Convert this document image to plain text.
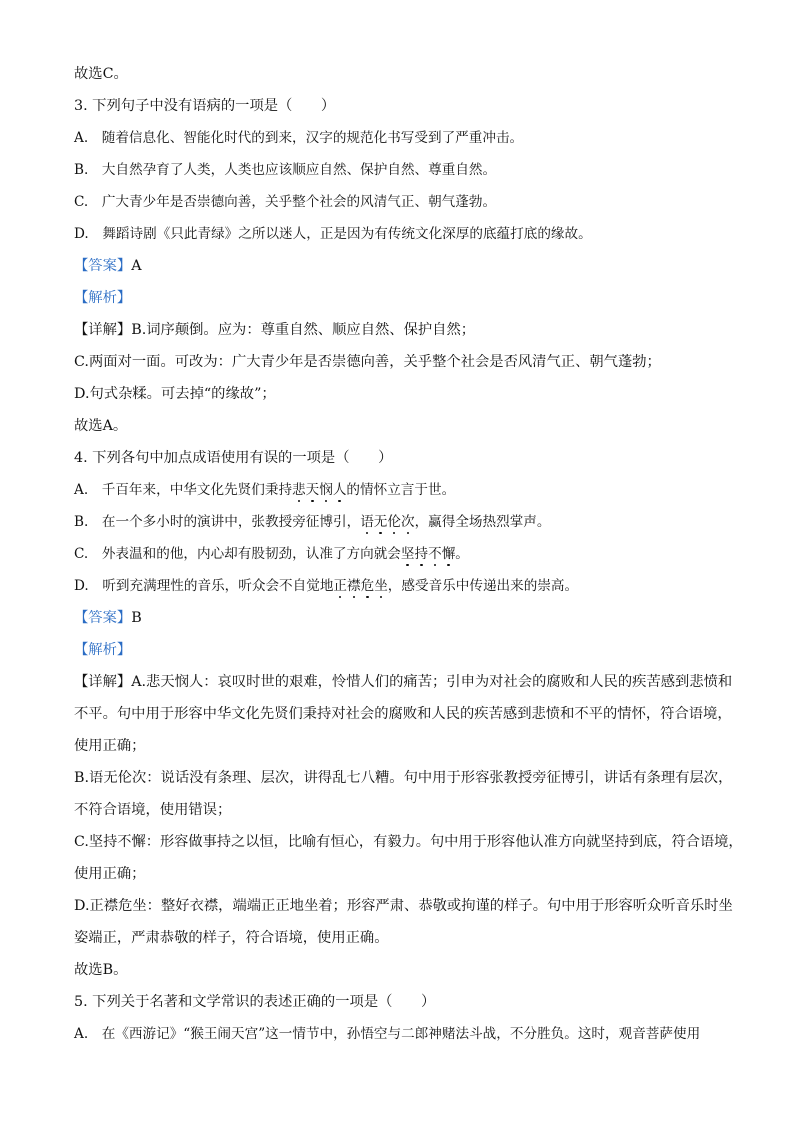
故选C。
3. 下列句子中没有语病的一项是（　　）
A.　随着信息化、智能化时代的到来，汉字的规范化书写受到了严重冲击。
B.　大自然孕育了人类，人类也应该顺应自然、保护自然、尊重自然。
C.　广大青少年是否崇德向善，关乎整个社会的风清气正、朝气蓬勃。
D.　舞蹈诗剧《只此青绿》之所以迷人，正是因为有传统文化深厚的底蕴打底的缘故。
【答案】A
【解析】
【详解】B.词序颠倒。应为：尊重自然、顺应自然、保护自然；
C.两面对一面。可改为：广大青少年是否崇德向善，关乎整个社会是否风清气正、朝气蓬勃；
D.句式杂糅。可去掉“的缘故”；
故选A。
4. 下列各句中加点成语使用有误的一项是（　　）
A.　千百年来，中华文化先贤们秉持悲天悯人的情怀立言于世。
B.　在一个多小时的演讲中，张教授旁征博引，语无伦次，赢得全场热烈掌声。
C.　外表温和的他，内心却有股韧劲，认准了方向就会坚持不懈。
D.　听到充满理性的音乐，听众会不自觉地正襟危坐，感受音乐中传递出来的崇高。
【答案】B
【解析】
【详解】A.悲天悯人：哀叹时世的艰难，怜惜人们的痛苦；引申为对社会的腐败和人民的疾苦感到悲愤和
不平。句中用于形容中华文化先贤们秉持对社会的腐败和人民的疾苦感到悲愤和不平的情怀，符合语境，
使用正确；
B.语无伦次：说话没有条理、层次，讲得乱七八糟。句中用于形容张教授旁征博引，讲话有条理有层次，
不符合语境，使用错误；
C.坚持不懈：形容做事持之以恒，比喻有恒心，有毅力。句中用于形容他认准方向就坚持到底，符合语境，
使用正确；
D.正襟危坐：整好衣襟，端端正正地坐着；形容严肃、恭敬或拘谨的样子。句中用于形容听众听音乐时坐
姿端正，严肃恭敬的样子，符合语境，使用正确。
故选B。
5. 下列关于名著和文学常识的表述正确的一项是（　　）
A.　在《西游记》“猴王闹天宫”这一情节中，孙悟空与二郎神赌法斗战，不分胜负。这时，观音菩萨使用
